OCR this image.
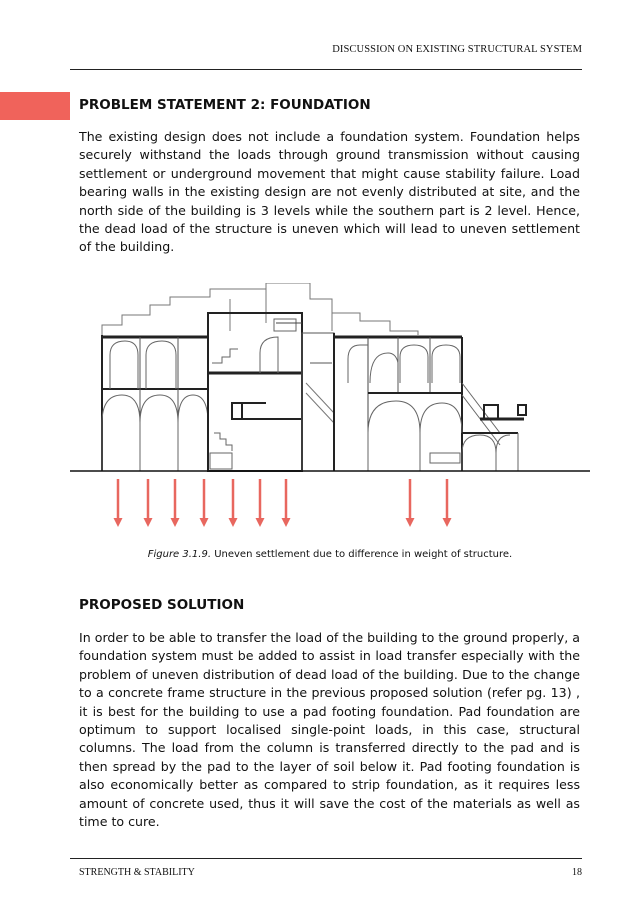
DISCUSSION ON EXISTING STRUCTURAL SYSTEM
PROBLEM STATEMENT 2: FOUNDATION

The existing design does not include a foundation system. Foundation helps securely withstand the loads through ground transmission without causing settlement or underground movement that might cause stability failure. Load bearing walls in the existing design are not evenly distributed at site, and the north side of the building is 3 levels while the southern part is 2 level. Hence, the dead load of the structure is uneven which will lead to uneven settlement of the building.

Figure 3.1.9. Uneven settlement due to difference in weight of structure.
PROPOSED SOLUTION

In order to be able to transfer the load of the building to the ground properly, a foundation system must be added to assist in load transfer especially with the problem of uneven distribution of dead load of the building. Due to the change to a concrete frame structure in the previous proposed solution (refer pg. 13) , it is best for the building to use a pad footing foundation. Pad foundation are optimum to support localised single-point loads, in this case, structural columns. The load from the column is transferred directly to the pad and is then spread by the pad to the layer of soil below it. Pad footing foundation is also economically better as compared to strip foundation, as it requires less amount of concrete used, thus it will save the cost of the materials as well as time to cure.

STRENGTH & STABILITY	18
